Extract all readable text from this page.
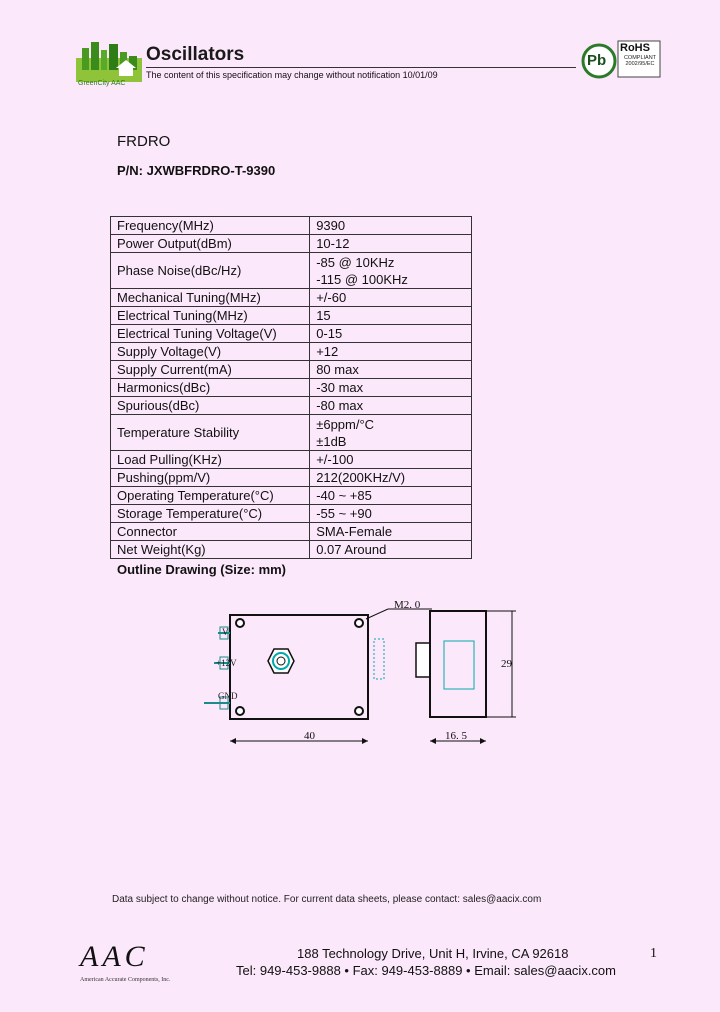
GreenCity AAC
Oscillators
The content of this specification may change without notification 10/01/09
Pb
RoHS
COMPLIANT 2002/95/EC
FRDRO
P/N: JXWBFRDRO-T-9390
Frequency(MHz)	9390
Power Output(dBm)	10-12
Phase Noise(dBc/Hz)	-85 @ 10KHz
-115 @ 100KHz

Mechanical Tuning(MHz)	+/-60
Electrical Tuning(MHz)	15
Electrical Tuning Voltage(V)	0-15
Supply Voltage(V)	+12
Supply Current(mA)	80 max
Harmonics(dBc)	-30 max
Spurious(dBc)	-80 max
Temperature Stability	±6ppm/°C
±1dB

Load Pulling(KHz)	+/-100
Pushing(ppm/V)	212(200KHz/V)
Operating Temperature(°C)	-40 ~ +85
Storage Temperature(°C)	-55 ~ +90
Connector	SMA-Female
Net Weight(Kg)	0.07 Around
Outline Drawing (Size: mm)
V
+12V
GND
40
M2. 0
29
16. 5
Data subject to change without notice. For current data sheets, please contact: sales@aacix.com
AAC
American Accurate Components, Inc.
188 Technology Drive, Unit H, Irvine, CA 92618
Tel: 949-453-9888 • Fax: 949-453-8889 • Email: sales@aacix.com
1
